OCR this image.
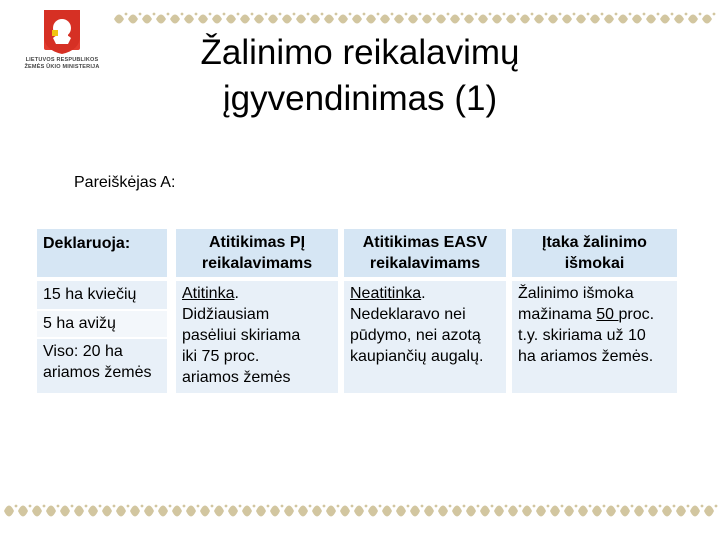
LIETUVOS RESPUBLIKOS
ŽEMĖS ŪKIO MINISTERIJA	Žalinimo reikalavimų
įgyvendinimas (1)
Pareiškėjas A:
Deklaruoja:	Atitikimas PĮ
reikalavimams
Atitikimas EASV
reikalavimams
Įtaka žalinimo
išmokai
15 ha kviečių
5 ha avižų
Viso: 20 ha
ariamos žemės
Atitinka.
Didžiausiam
pasėliui skiriama
iki 75 proc.
ariamos žemės
Neatitinka.
Nedeklaravo nei
pūdymo, nei azotą
kaupiančių augalų.
Žalinimo išmoka
mažinama 50 proc.
t.y. skiriama už 10
ha ariamos žemės.
